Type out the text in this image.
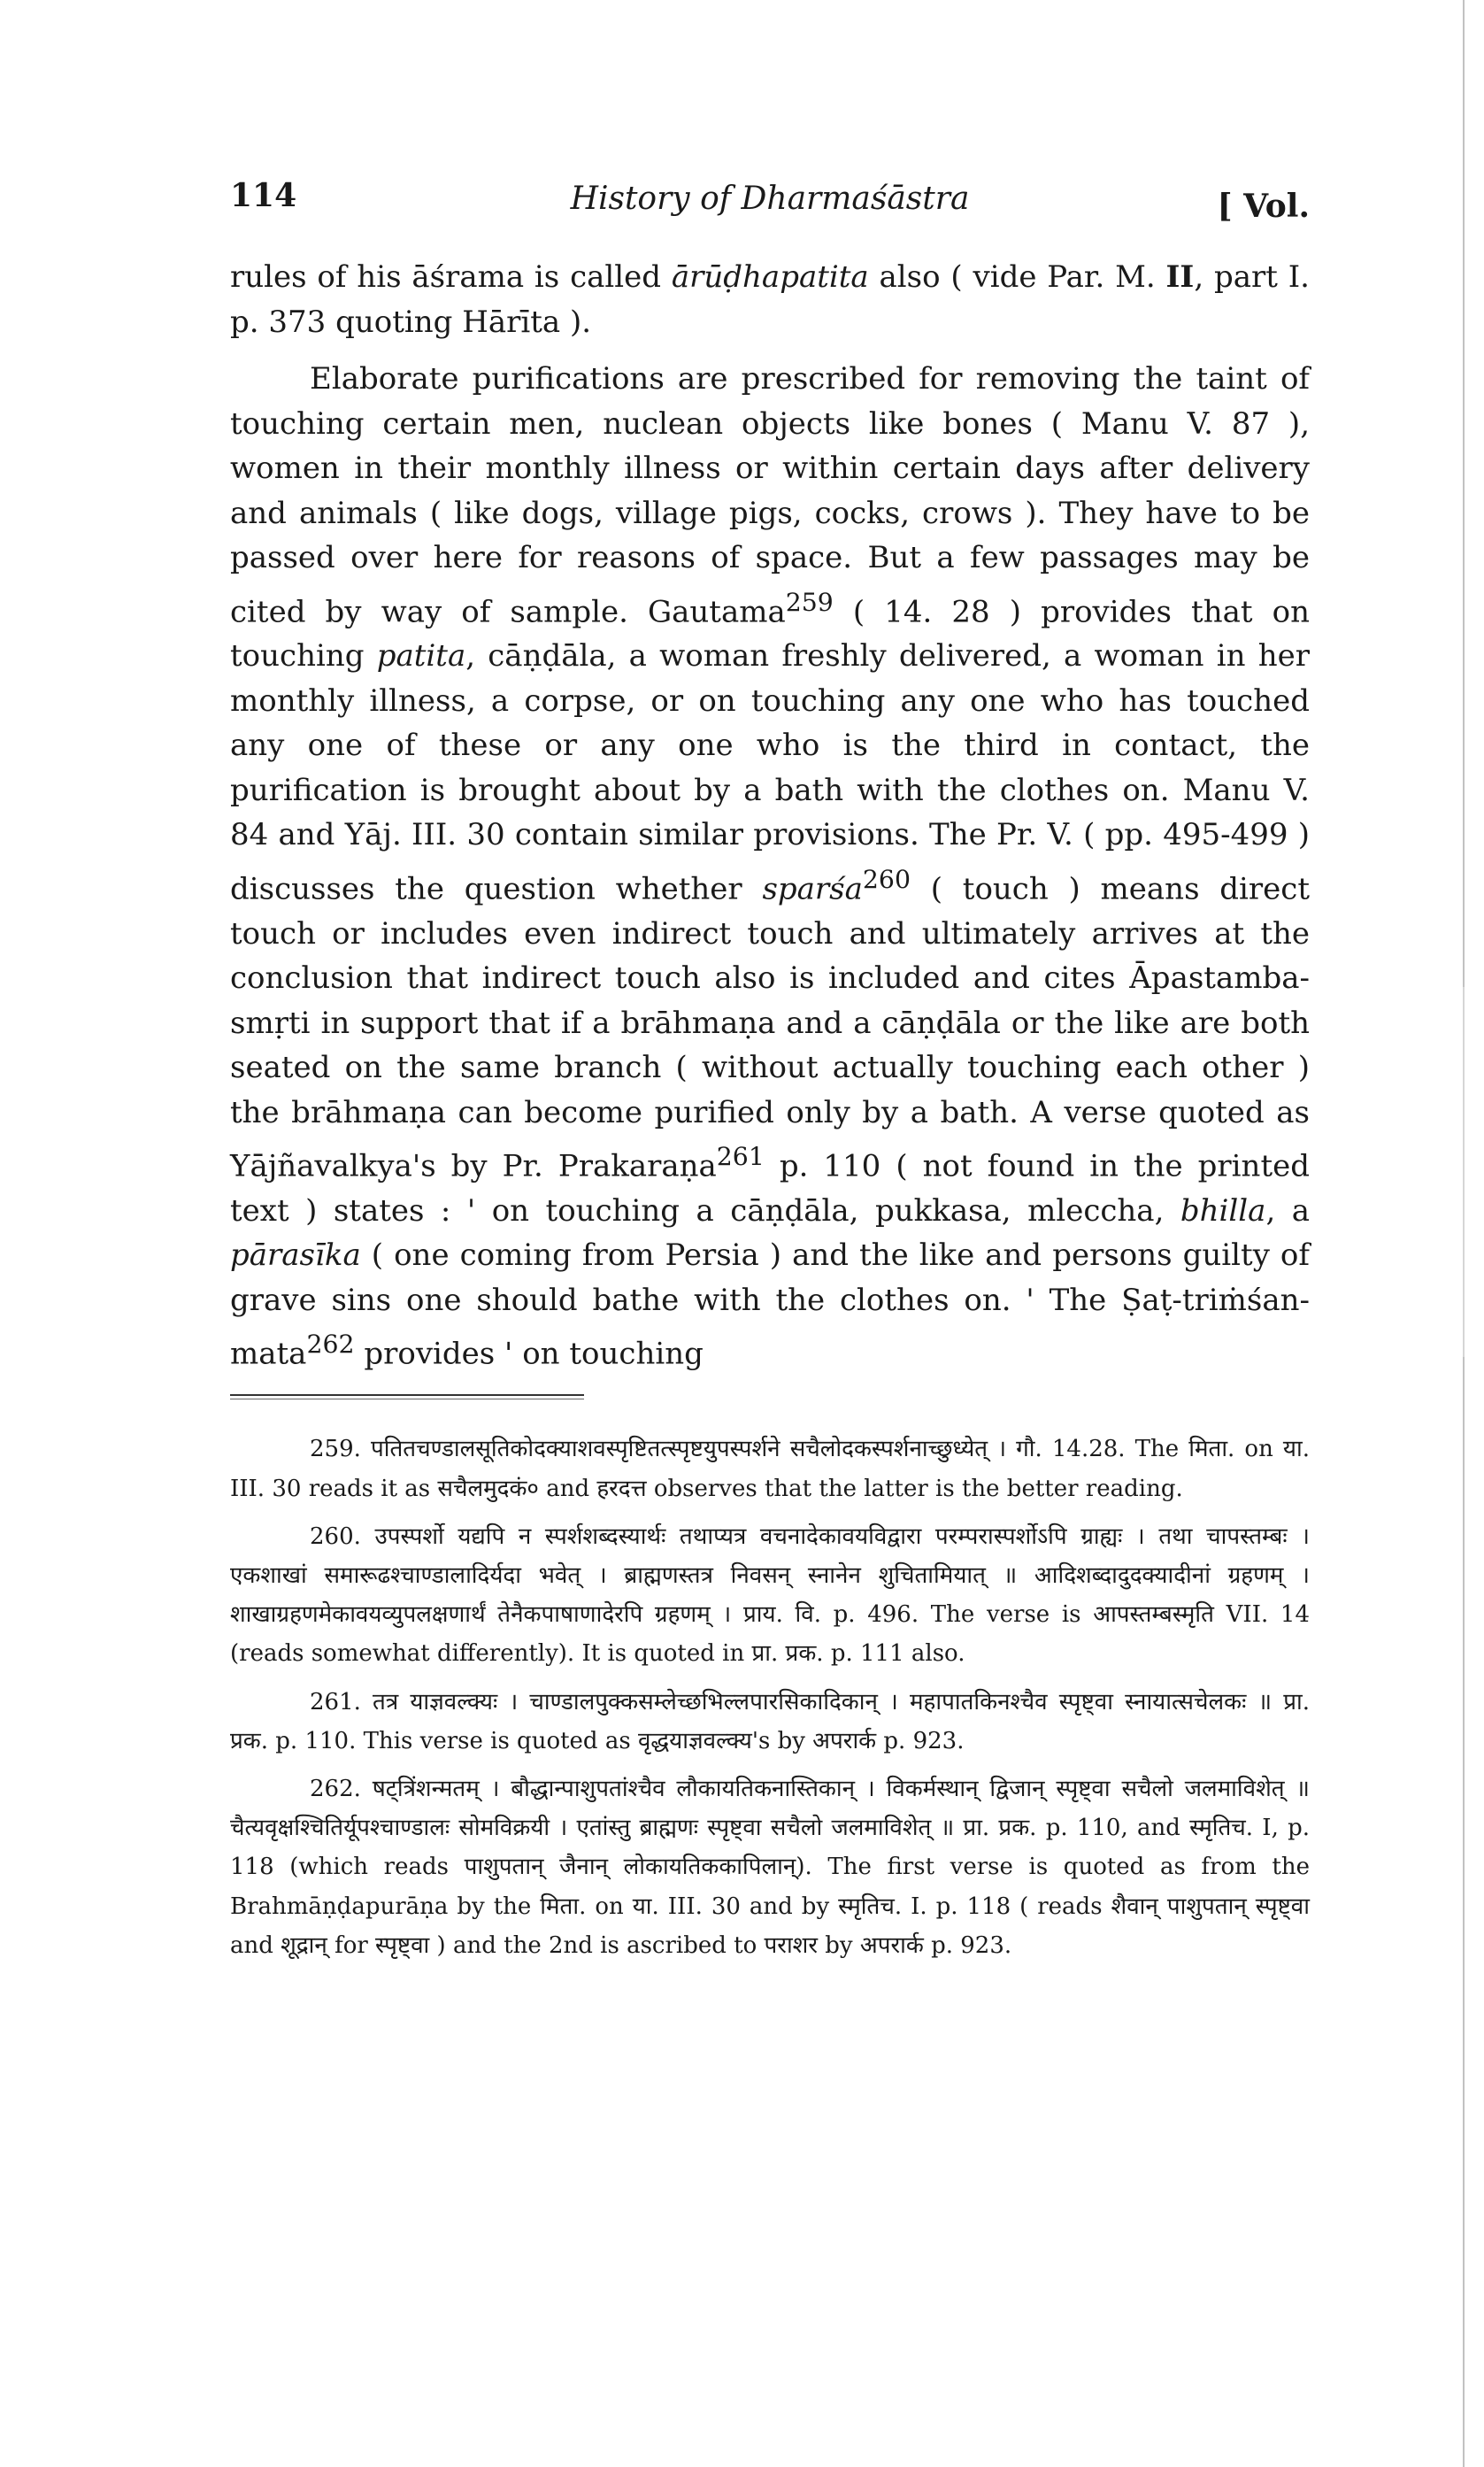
114	History of Dharmaśāstra	[ Vol.

rules of his āśrama is called ārūḍhapatita also ( vide Par. M. II, part I. p. 373 quoting Hārīta ).

Elaborate purifications are prescribed for removing the taint of touching certain men, nuclean objects like bones ( Manu V. 87 ), women in their monthly illness or within certain days after delivery and animals ( like dogs, village pigs, cocks, crows ). They have to be passed over here for reasons of space. But a few passages may be cited by way of sample. Gautama$^{259}$ ( 14. 28 ) provides that on touching patita, cāṇḍāla, a woman freshly delivered, a woman in her monthly illness, a corpse, or on touching any one who has touched any one of these or any one who is the third in contact, the purification is brought about by a bath with the clothes on. Manu V. 84 and Yāj. III. 30 contain similar provisions. The Pr. V. ( pp. 495-499 ) discusses the question whether sparśa$^{260}$ ( touch ) means direct touch or includes even indirect touch and ultimately arrives at the conclusion that indirect touch also is included and cites Āpastamba-smṛti in support that if a brāhmaṇa and a cāṇḍāla or the like are both seated on the same branch ( without actually touching each other ) the brāhmaṇa can become purified only by a bath. A verse quoted as Yājñavalkya's by Pr. Prakaraṇa$^{261}$ p. 110 ( not found in the printed text ) states : ' on touching a cāṇḍāla, pukkasa, mleccha, bhilla, a pārasīka ( one coming from Persia ) and the like and persons guilty of grave sins one should bathe with the clothes on. ' The Ṣaṭ-triṁśan-mata$^{262}$ provides ' on touching

259. पतितचण्डालसूतिकोदक्याशवस्पृष्टितत्स्पृष्टयुपस्पर्शने सचैलोदकस्पर्शनाच्छुध्येत् । गौ. 14.28. The मिता. on या. III. 30 reads it as सचैलमुदकं० and हरदत्त observes that the latter is the better reading.

260. उपस्पर्शो यद्यपि न स्पर्शशब्दस्यार्थः तथाप्यत्र वचनादेकावयविद्वारा परम्परास्पर्शोऽपि ग्राह्यः । तथा चापस्तम्बः । एकशाखां समारूढश्चाण्डालादिर्यदा भवेत् । ब्राह्मणस्तत्र निवसन् स्नानेन शुचितामियात् ॥ आदिशब्दादुदक्यादीनां ग्रहणम् । शाखाग्रहणमेकावयव्युपलक्षणार्थं तेनैकपाषाणादेरपि ग्रहणम् । प्राय. वि. p. 496. The verse is आपस्तम्बस्मृति VII. 14 (reads somewhat differently). It is quoted in प्रा. प्रक. p. 111 also.

261. तत्र याज्ञवल्क्यः । चाण्डालपुक्कसम्लेच्छभिल्लपारसिकादिकान् । महापातकिनश्चैव स्पृष्ट्वा स्नायात्सचेलकः ॥ प्रा. प्रक. p. 110. This verse is quoted as वृद्धयाज्ञवल्क्य's by अपरार्क p. 923.

262. षट्त्रिंशन्मतम् । बौद्धान्पाशुपतांश्चैव लौकायतिकनास्तिकान् । विकर्मस्थान् द्विजान् स्पृष्ट्वा सचैलो जलमाविशेत् ॥ चैत्यवृक्षश्चितिर्यूपश्चाण्डालः सोमविक्रयी । एतांस्तु ब्राह्मणः स्पृष्ट्वा सचैलो जलमाविशेत् ॥ प्रा. प्रक. p. 110, and स्मृतिच. I, p. 118 (which reads पाशुपतान् जैनान् लोकायतिककापिलान्). The first verse is quoted as from the Brahmāṇḍapurāṇa by the मिता. on या. III. 30 and by स्मृतिच. I. p. 118 ( reads शैवान् पाशुपतान् स्पृष्ट्वा and शूद्रान् for स्पृष्ट्वा ) and the 2nd is ascribed to पराशर by अपरार्क p. 923.
